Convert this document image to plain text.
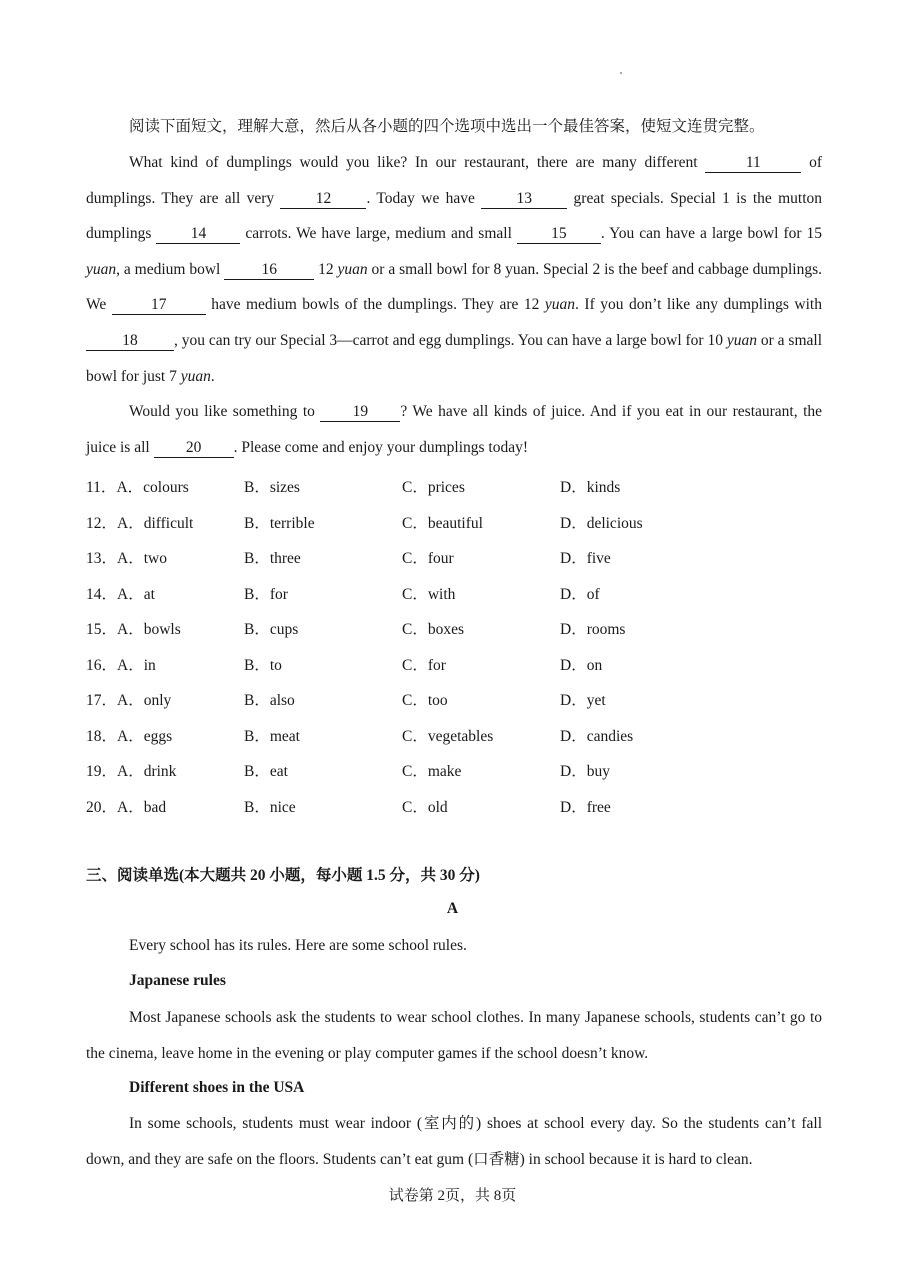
阅读下面短文，理解大意，然后从各小题的四个选项中选出一个最佳答案，使短文连贯完整。
What kind of dumplings would you like? In our restaurant, there are many different	11	of dumplings. They are all very 12 . Today we have 13 great specials. Special 1 is the mutton dumplings 14 carrots. We have large, medium and small 15 . You can have a large bowl for 15 yuan, a medium bowl 16 12 yuan or a small bowl for 8 yuan. Special 2 is the beef and cabbage dumplings. We	17	have medium bowls of the dumplings. They are 12 yuan. If you don’t like any dumplings with 18 , you can try our Special 3—carrot and egg dumplings. You can have a large bowl for 10 yuan or a small bowl for just 7 yuan.
Would you like something to 19 ? We have all kinds of juice. And if you eat in our restaurant, the juice is all 20 . Please come and enjoy your dumplings today!
11．A．colours	B．sizes	C．prices	D．kinds
12．A．difficult	B．terrible	C．beautiful	D．delicious
13．A．two	B．three	C．four	D．five
14．A．at	B．for	C．with	D．of
15．A．bowls	B．cups	C．boxes	D．rooms
16．A．in	B．to	C．for	D．on
17．A．only	B．also	C．too	D．yet
18．A．eggs	B．meat	C．vegetables	D．candies
19．A．drink	B．eat	C．make	D．buy
20．A．bad	B．nice	C．old	D．free
三、阅读单选(本大题共 20 小题，每小题 1.5 分，共 30 分)
A
Every school has its rules. Here are some school rules.
Japanese rules
Most Japanese schools ask the students to wear school clothes. In many Japanese schools, students can’t go to the cinema, leave home in the evening or play computer games if the school doesn’t know.
Different shoes in the USA
In some schools, students must wear indoor (室内的) shoes at school every day. So the students can’t fall down, and they are safe on the floors. Students can’t eat gum (口香糖) in school because it is hard to clean.
试卷第 2页，共 8页
